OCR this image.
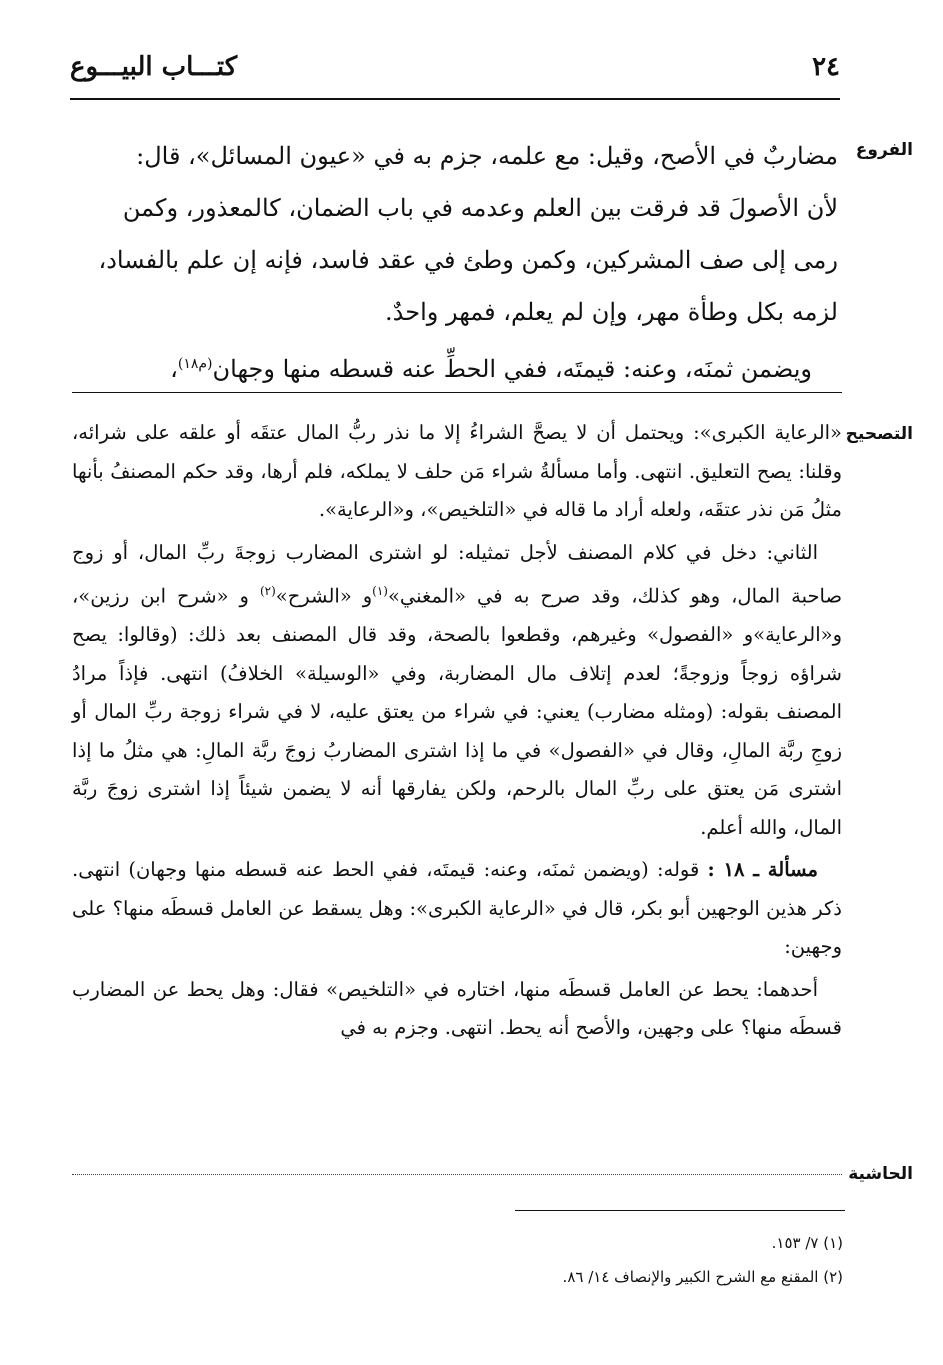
٢٤
كتـــاب البيـــوع
الفروع

مضاربٌ في الأصح، وقيل: مع علمه، جزم به في «عيون المسائل»، قال:

لأن الأصولَ قد فرقت بين العلم وعدمه في باب الضمان، كالمعذور، وكمن

رمى إلى صف المشركين، وكمن وطئ في عقد فاسد، فإنه إن علم بالفساد،

لزمه بكل وطأة مهر، وإن لم يعلم، فمهر واحدٌ.

ويضمن ثمنَه، وعنه: قيمتَه، ففي الحطِّ عنه قسطه منها وجهان$^{(م١٨)}$،

التصحيح

«الرعاية الكبرى»: ويحتمل أن لا يصحَّ الشراءُ إلا ما نذر ربُّ المال عتقَه أو علقه على شرائه، وقلنا: يصح التعليق. انتهى. وأما مسألةُ شراء مَن حلف لا يملكه، فلم أرها، وقد حكم المصنفُ بأنها مثلُ مَن نذر عتقَه، ولعله أراد ما قاله في «التلخيص»، و«الرعاية».

الثاني: دخل في كلام المصنف لأجل تمثيله: لو اشترى المضارب زوجةَ ربِّ المال، أو زوج صاحبة المال، وهو كذلك، وقد صرح به في «المغني»$^{(١)}$و «الشرح»$^{(٢)}$ و «شرح ابن رزين»، و«الرعاية»و «الفصول» وغيرهم، وقطعوا بالصحة، وقد قال المصنف بعد ذلك: (وقالوا: يصح شراؤه زوجاً وزوجةً؛ لعدم إتلاف مال المضاربة، وفي «الوسيلة» الخلافُ) انتهى. فإذاً مرادُ المصنف بقوله: (ومثله مضارب) يعني: في شراء من يعتق عليه، لا في شراء زوجة ربِّ المال أو زوجِ ربَّة المالِ، وقال في «الفصول» في ما إذا اشترى المضاربُ زوجَ ربَّة المالِ: هي مثلُ ما إذا اشترى مَن يعتق على ربِّ المال بالرحم، ولكن يفارقها أنه لا يضمن شيئاً إذا اشترى زوجَ ربَّة المال، والله أعلم.

مسألة ـ ١٨ : قوله: (ويضمن ثمنَه، وعنه: قيمتَه، ففي الحط عنه قسطه منها وجهان) انتهى. ذكر هذين الوجهين أبو بكر، قال في «الرعاية الكبرى»: وهل يسقط عن العامل قسطَه منها؟ على وجهين:

أحدهما: يحط عن العامل قسطَه منها، اختاره في «التلخيص» فقال: وهل يحط عن المضارب قسطَه منها؟ على وجهين، والأصح أنه يحط. انتهى. وجزم به في

الحاشية
(١) ٧/ ١٥٣.
(٢) المقنع مع الشرح الكبير والإنصاف ١٤/ ٨٦.
